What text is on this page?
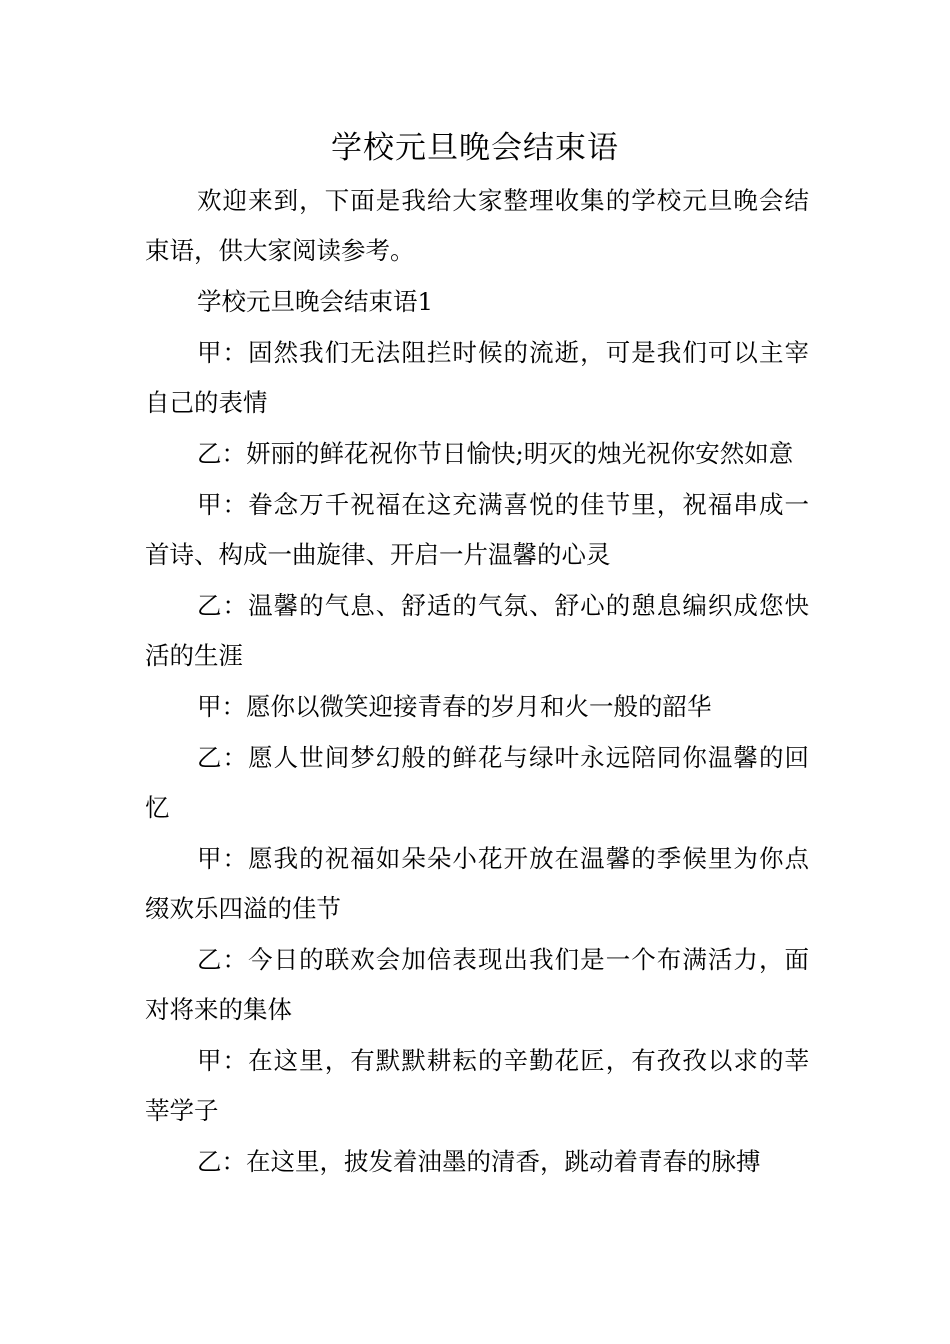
学校元旦晚会结束语

欢迎来到，下面是我给大家整理收集的学校元旦晚会结束语，供大家阅读参考。

学校元旦晚会结束语1

甲：固然我们无法阻拦时候的流逝，可是我们可以主宰自己的表情

乙：妍丽的鲜花祝你节日愉快;明灭的烛光祝你安然如意

甲：眷念万千祝福在这充满喜悦的佳节里，祝福串成一首诗、构成一曲旋律、开启一片温馨的心灵

乙：温馨的气息、舒适的气氛、舒心的憩息编织成您快活的生涯

甲：愿你以微笑迎接青春的岁月和火一般的韶华

乙：愿人世间梦幻般的鲜花与绿叶永远陪同你温馨的回忆

甲：愿我的祝福如朵朵小花开放在温馨的季候里为你点缀欢乐四溢的佳节

乙：今日的联欢会加倍表现出我们是一个布满活力，面对将来的集体

甲：在这里，有默默耕耘的辛勤花匠，有孜孜以求的莘莘学子

乙：在这里，披发着油墨的清香，跳动着青春的脉搏
